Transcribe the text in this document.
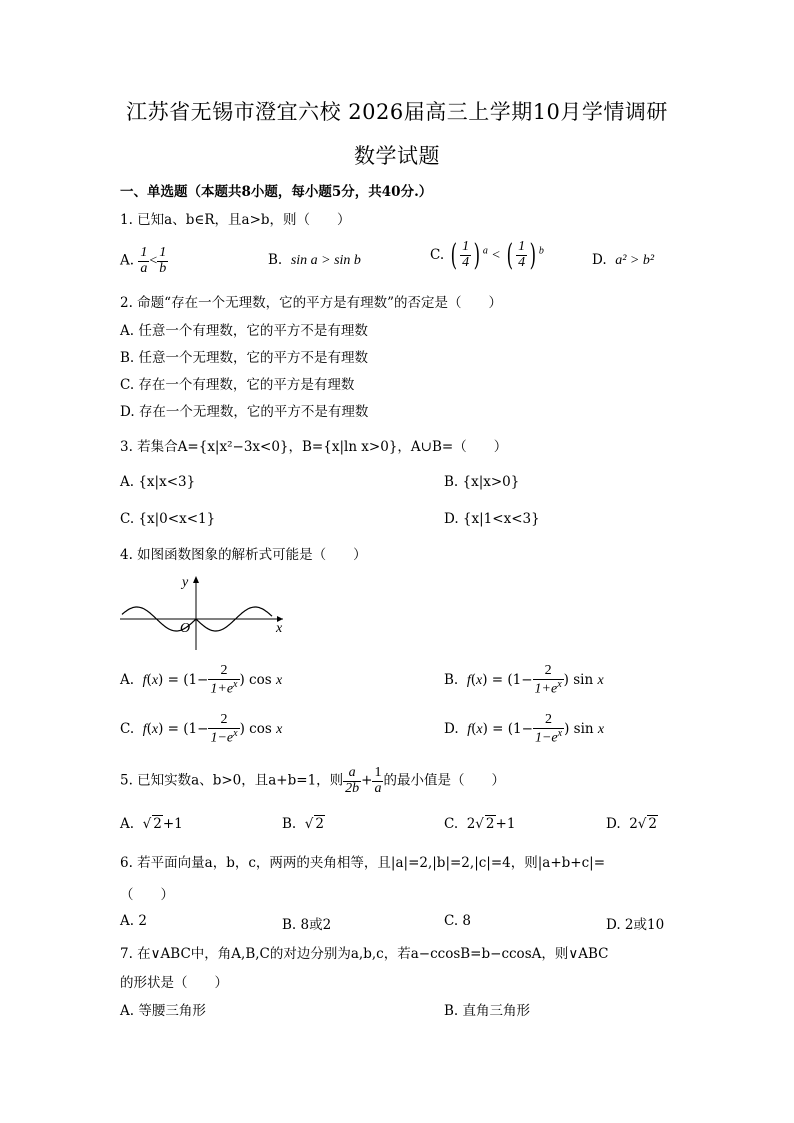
江苏省无锡市澄宜六校 2026届高三上学期10月学情调研
数学试题
一、单选题（本题共8小题，每小题5分，共40分.）
1. 已知a、b∈R，且a>b，则（　　）
A. $\frac{1}{a} < \frac{1}{b}$	B. sin a > sin b	C. ( $\frac{1}{4}$ ) $^a$ < ( $\frac{1}{4}$ ) $^b$
D. a² > b²
2. 命题“存在一个无理数，它的平方是有理数”的否定是（　　）
A. 任意一个有理数，它的平方不是有理数
B. 任意一个无理数，它的平方不是有理数
C. 存在一个有理数，它的平方是有理数
D. 存在一个无理数，它的平方不是有理数
3. 若集合A={x|x²−3x<0}，B={x|ln x>0}，A∪B=（　　）
A. {x|x<3}	B. {x|x>0}
C. {x|0<x<1}	D. {x|1<x<3}
4. 如图函数图象的解析式可能是（　　）
y
x
O
A. $f(x) = (1- \frac{2}{1+e^x}$ ) cos x	B. $f(x) = (1- \frac{2}{1+e^x}$ ) sin x
C. $f(x) = (1- \frac{2}{1-e^x}$ ) cos x	D. $f(x) = (1- \frac{2}{1-e^x}$ ) sin x
5. 已知实数a、b>0，且a+b=1，则 $\frac{a}{2b} + \frac{1}{a}$ 的最小值是（　　）
A.  √ 2+1	B.  √ 2	C.  2√ 2+1	D.  2√ 2
6. 若平面向量a，b，c，两两的夹角相等，且|a|=2,|b|=2,|c|=4，则|a+b+c|=
（　　）
A. 2	B. 8或2	C. 8	D. 2或10
7. 在∨ABC中，角A,B,C的对边分别为a,b,c，若a−ccosB=b−ccosA，则∨ABC
的形状是（　　）
A. 等腰三角形	B. 直角三角形
